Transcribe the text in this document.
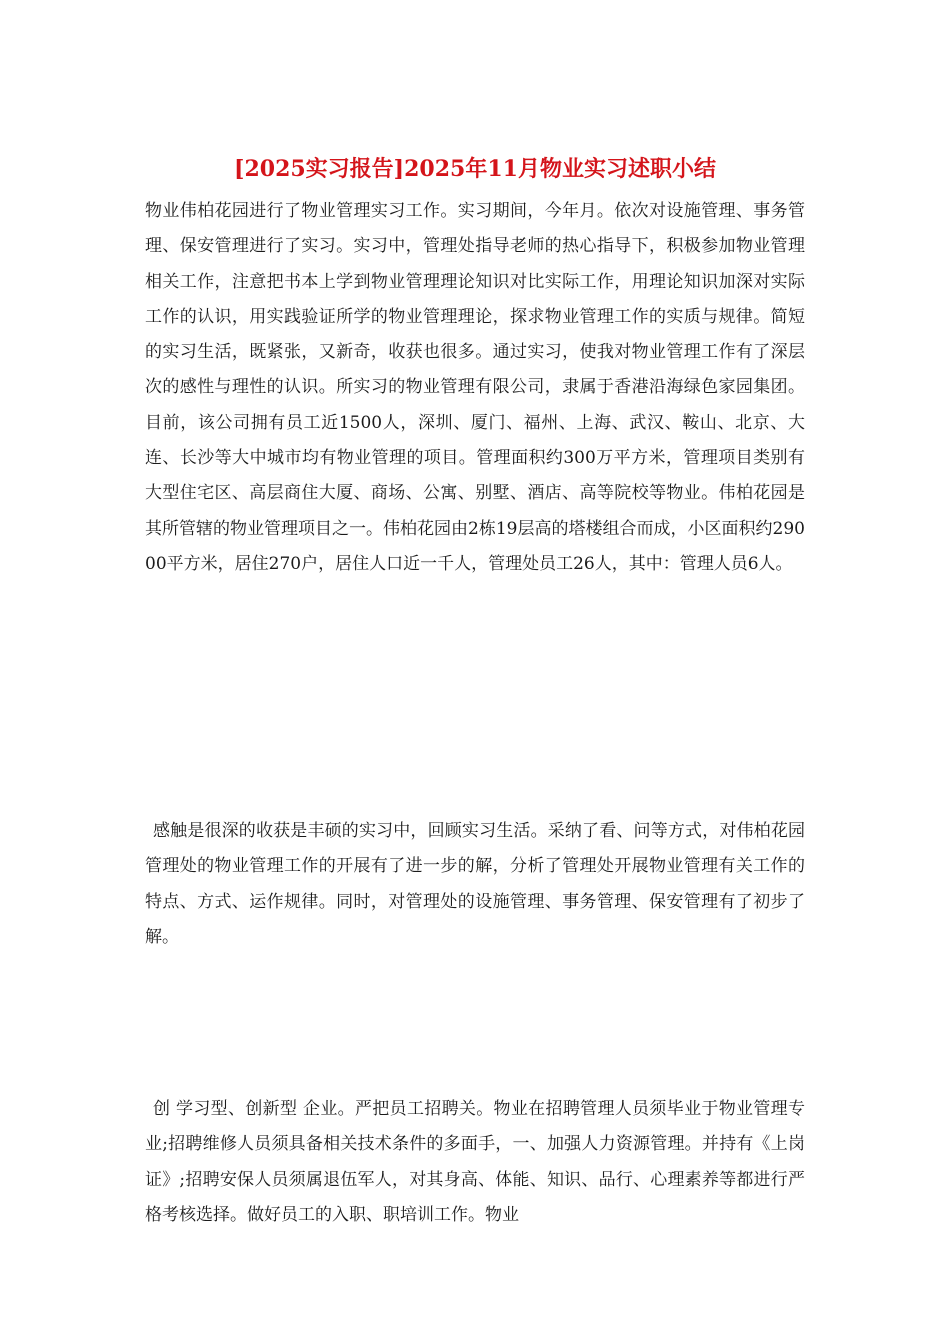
[2025实习报告]2025年11月物业实习述职小结

物业伟柏花园进行了物业管理实习工作。实习期间，今年月。依次对设施管理、事务管理、保安管理进行了实习。实习中，管理处指导老师的热心指导下，积极参加物业管理相关工作，注意把书本上学到物业管理理论知识对比实际工作，用理论知识加深对实际工作的认识，用实践验证所学的物业管理理论，探求物业管理工作的实质与规律。简短的实习生活，既紧张，又新奇，收获也很多。通过实习，使我对物业管理工作有了深层次的感性与理性的认识。所实习的物业管理有限公司，隶属于香港沿海绿色家园集团。目前，该公司拥有员工近1500人，深圳、厦门、福州、上海、武汉、鞍山、北京、大连、长沙等大中城市均有物业管理的项目。管理面积约300万平方米，管理项目类别有大型住宅区、高层商住大厦、商场、公寓、别墅、酒店、高等院校等物业。伟柏花园是其所管辖的物业管理项目之一。伟柏花园由2栋19层高的塔楼组合而成，小区面积约29000平方米，居住270户，居住人口近一千人，管理处员工26人，其中：管理人员6人。

感触是很深的收获是丰硕的实习中，回顾实习生活。采纳了看、问等方式，对伟柏花园管理处的物业管理工作的开展有了进一步的解，分析了管理处开展物业管理有关工作的特点、方式、运作规律。同时，对管理处的设施管理、事务管理、保安管理有了初步了解。

创 学习型、创新型 企业。严把员工招聘关。物业在招聘管理人员须毕业于物业管理专业;招聘维修人员须具备相关技术条件的多面手，一、加强人力资源管理。并持有《上岗证》;招聘安保人员须属退伍军人，对其身高、体能、知识、品行、心理素养等都进行严格考核选择。做好员工的入职、职培训工作。物业
